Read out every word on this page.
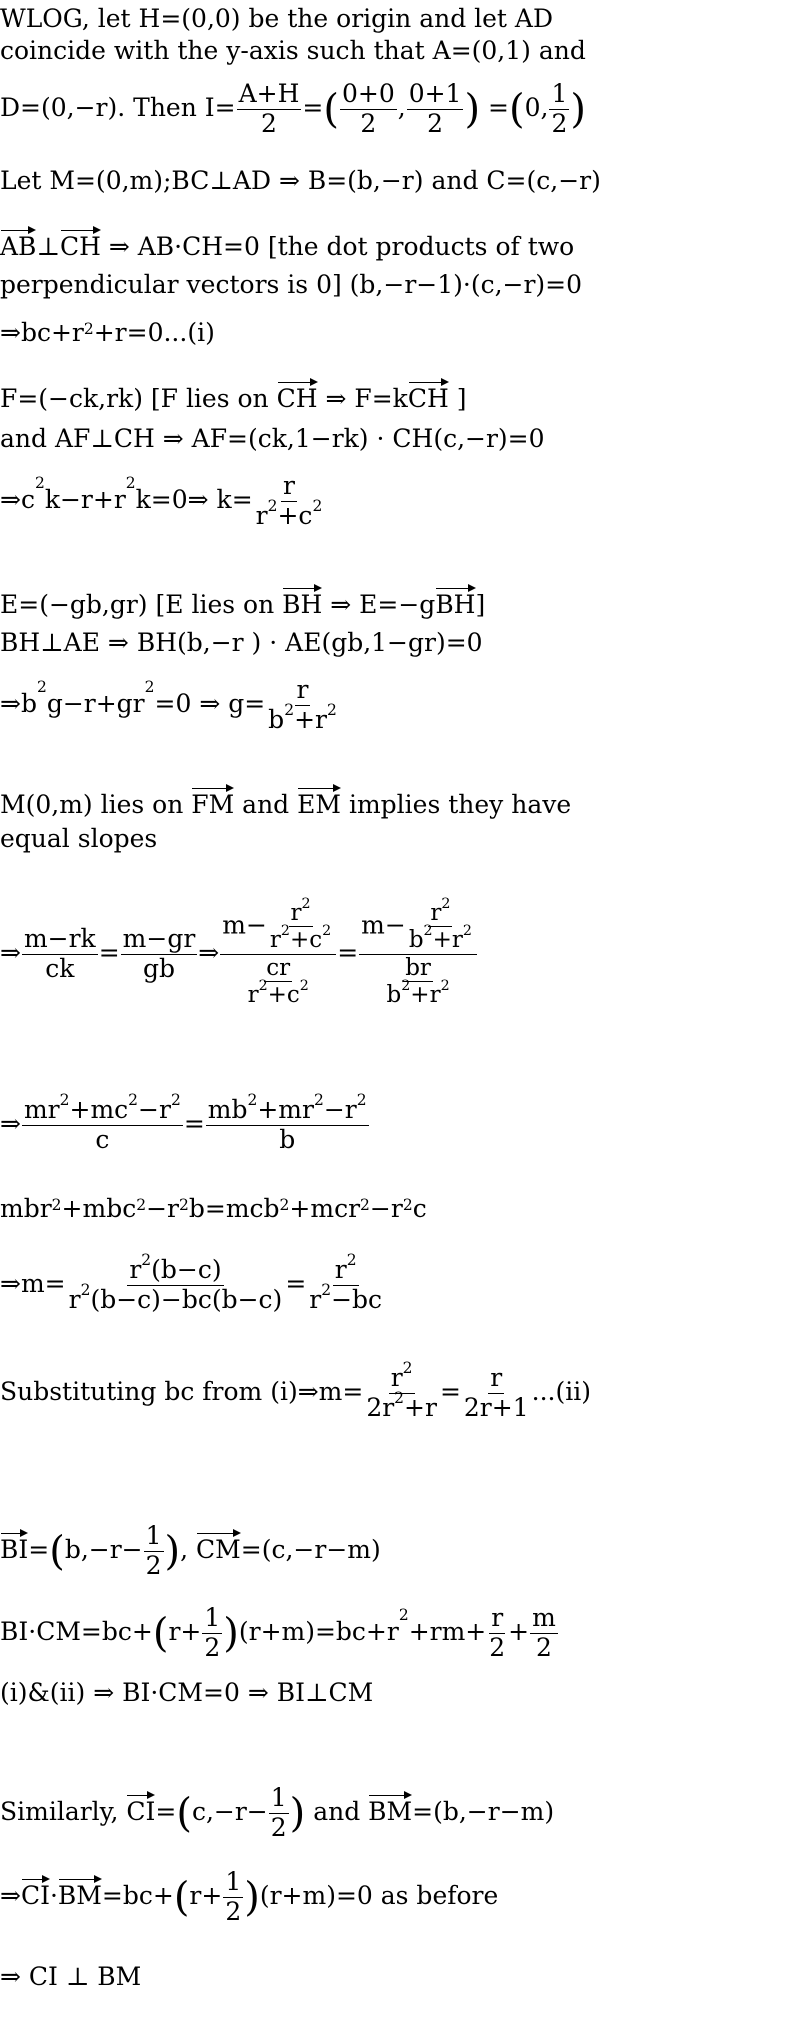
WLOG, let H=(0,0) be the origin and let AD
coincide with the y-axis such that A=(0,1) and
D=(0,−r). Then $I= \frac{A+H}{2}$ =( $\frac{0+0}{2}$ , $\frac{0+1}{2}$ ) =(0, $\frac{1}{2}$ )
Let M=(0,m);BC⊥AD ⇒ B=(b,−r) and C=(c,−r)
AB⊥CH ⇒ AB·CH=0 [the dot products of two
perpendicular vectors is 0] (b,−r−1)·(c,−r)=0
$\Rightarrow bc+r^2+r=0...(i)$
F=(−ck,rk) [F lies on CH ⇒ F=kCH ]
and AF⊥CH ⇒ AF=(ck,1−rk) · CH(c,−r)=0
$\Rightarrow c^2k-r+r^2k=0\Rightarrow$ $k= \frac{r}{r^2+c^2}$
E=(−gb,gr) [E lies on BH ⇒ E=−gBH]
BH⊥AE ⇒ BH(b,−r ) · AE(gb,1−gr)=0
$\Rightarrow b^2g-r+gr^2=0$ ⇒ $g= \frac{r}{b^2+r^2}$
M(0,m) lies on FM and EM implies they have
equal slopes
⇒ $\frac{m-rk}{ck} = \frac{m-gr}{gb}$ ⇒ $\frac{m- \frac{r^2}{r^2+c^2}}{\frac{cr}{r^2+c^2}} = \frac{m- \frac{r^2}{b^2+r^2}}{\frac{br}{b^2+r^2}}$
⇒ $\frac{mr^2+mc^2-r^2}{c} = \frac{mb^2+mr^2-r^2}{b}$
$mbr^2+mbc^2-r^2b=mcb^2+mcr^2-r^2c$
⇒m= $\frac{r^2(b-c)}{r^2(b-c)-bc(b-c)} = \frac{r^2}{r^2-bc}$
Substituting bc from (i)⇒m= $\frac{r^2}{2r^2+r} = \frac{r}{2r+1} ...(ii)$
$BI=(b,-r- \frac{1}{2}$ ), CM=(c,−r−m)
$BI\cdot CM=bc+(r+ \frac{1}{2} )(r+m)=bc+r^2+rm+ \frac{r}{2} + \frac{m}{2}$
(i)&(ii) ⇒ BI·CM=0 ⇒ BI⊥CM
Similarly, $CI=(c,-r- \frac{1}{2}$ ) and BM=(b,−r−m)
⇒CI·BM=bc+(r+ $\frac{1}{2} )(r+m)=0$ as before
⇒ CI ⊥ BM
